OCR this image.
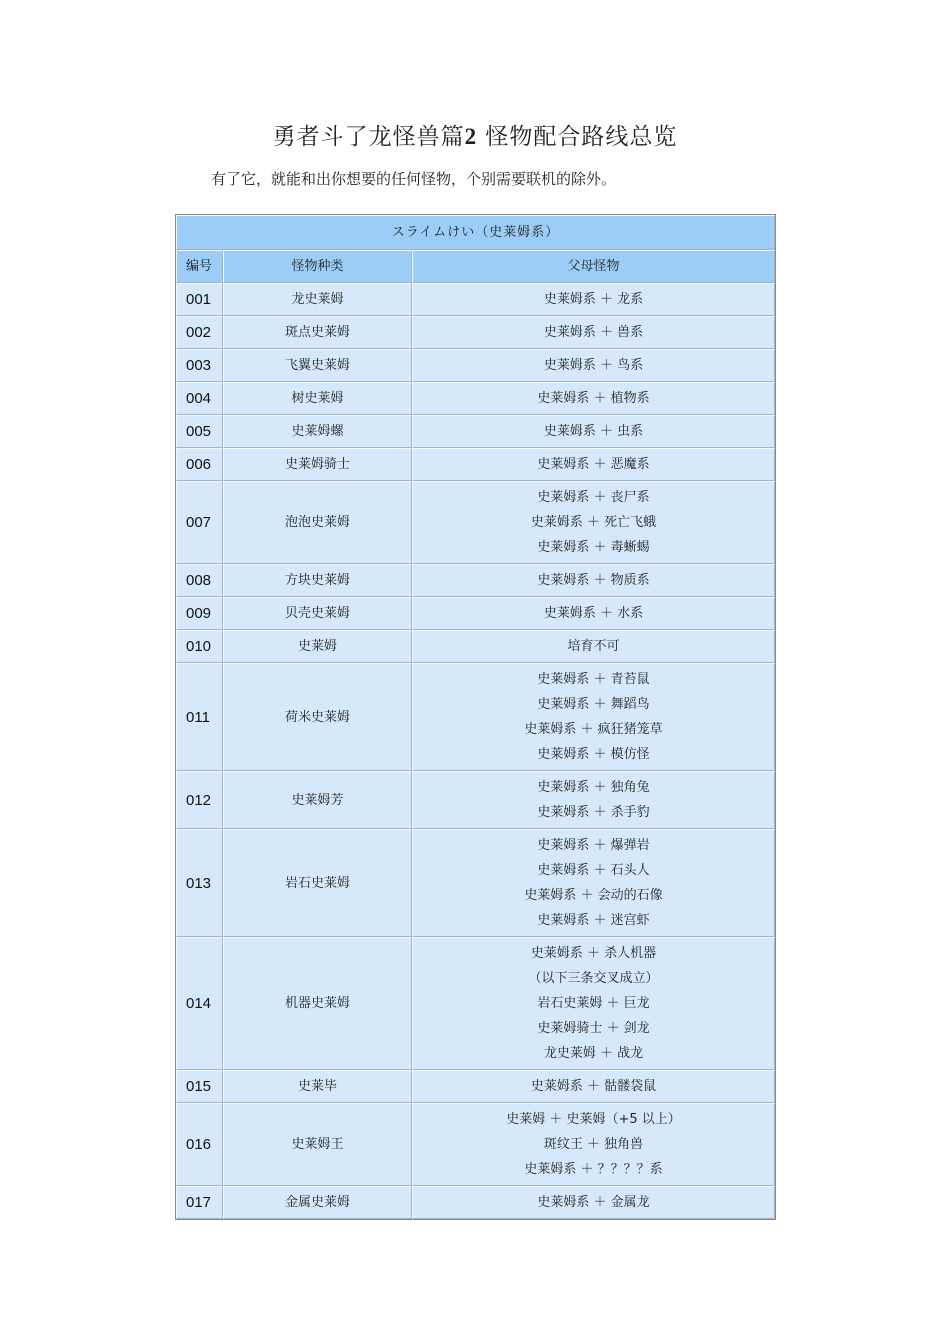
勇者斗了龙怪兽篇2 怪物配合路线总览
有了它，就能和出你想要的任何怪物，个别需要联机的除外。
スライムけい（史莱姆系）		
编号	怪物种类	父母怪物
001	龙史莱姆	史莱姆系 ＋ 龙系

002	斑点史莱姆	史莱姆系 ＋ 兽系

003	飞翼史莱姆	史莱姆系 ＋ 鸟系

004	树史莱姆	史莱姆系 ＋ 植物系

005	史莱姆螺	史莱姆系 ＋ 虫系

006	史莱姆骑士	史莱姆系 ＋ 恶魔系

007	泡泡史莱姆	史莱姆系 ＋ 丧尸系
史莱姆系 ＋ 死亡飞蛾
史莱姆系 ＋ 毒蜥蜴

008	方块史莱姆	史莱姆系 ＋ 物质系

009	贝壳史莱姆	史莱姆系 ＋ 水系

010	史莱姆	培育不可

011	荷米史莱姆	史莱姆系 ＋ 青苔鼠
史莱姆系 ＋ 舞蹈鸟
史莱姆系 ＋ 疯狂猪笼草
史莱姆系 ＋ 模仿怪

012	史莱姆芳	史莱姆系 ＋ 独角兔
史莱姆系 ＋ 杀手豹

013	岩石史莱姆	史莱姆系 ＋ 爆弹岩
史莱姆系 ＋ 石头人
史莱姆系 ＋ 会动的石像
史莱姆系 ＋ 迷宫虾

014	机器史莱姆	史莱姆系 ＋ 杀人机器
（以下三条交叉成立）
岩石史莱姆 ＋ 巨龙
史莱姆骑士 ＋ 剑龙
龙史莱姆 ＋ 战龙

015	史莱毕	史莱姆系 ＋ 骷髅袋鼠

016	史莱姆王	史莱姆 ＋ 史莱姆（+5 以上）
斑纹王 ＋ 独角兽
史莱姆系 ＋ ？？？？系

017	金属史莱姆	史莱姆系 ＋ 金属龙
